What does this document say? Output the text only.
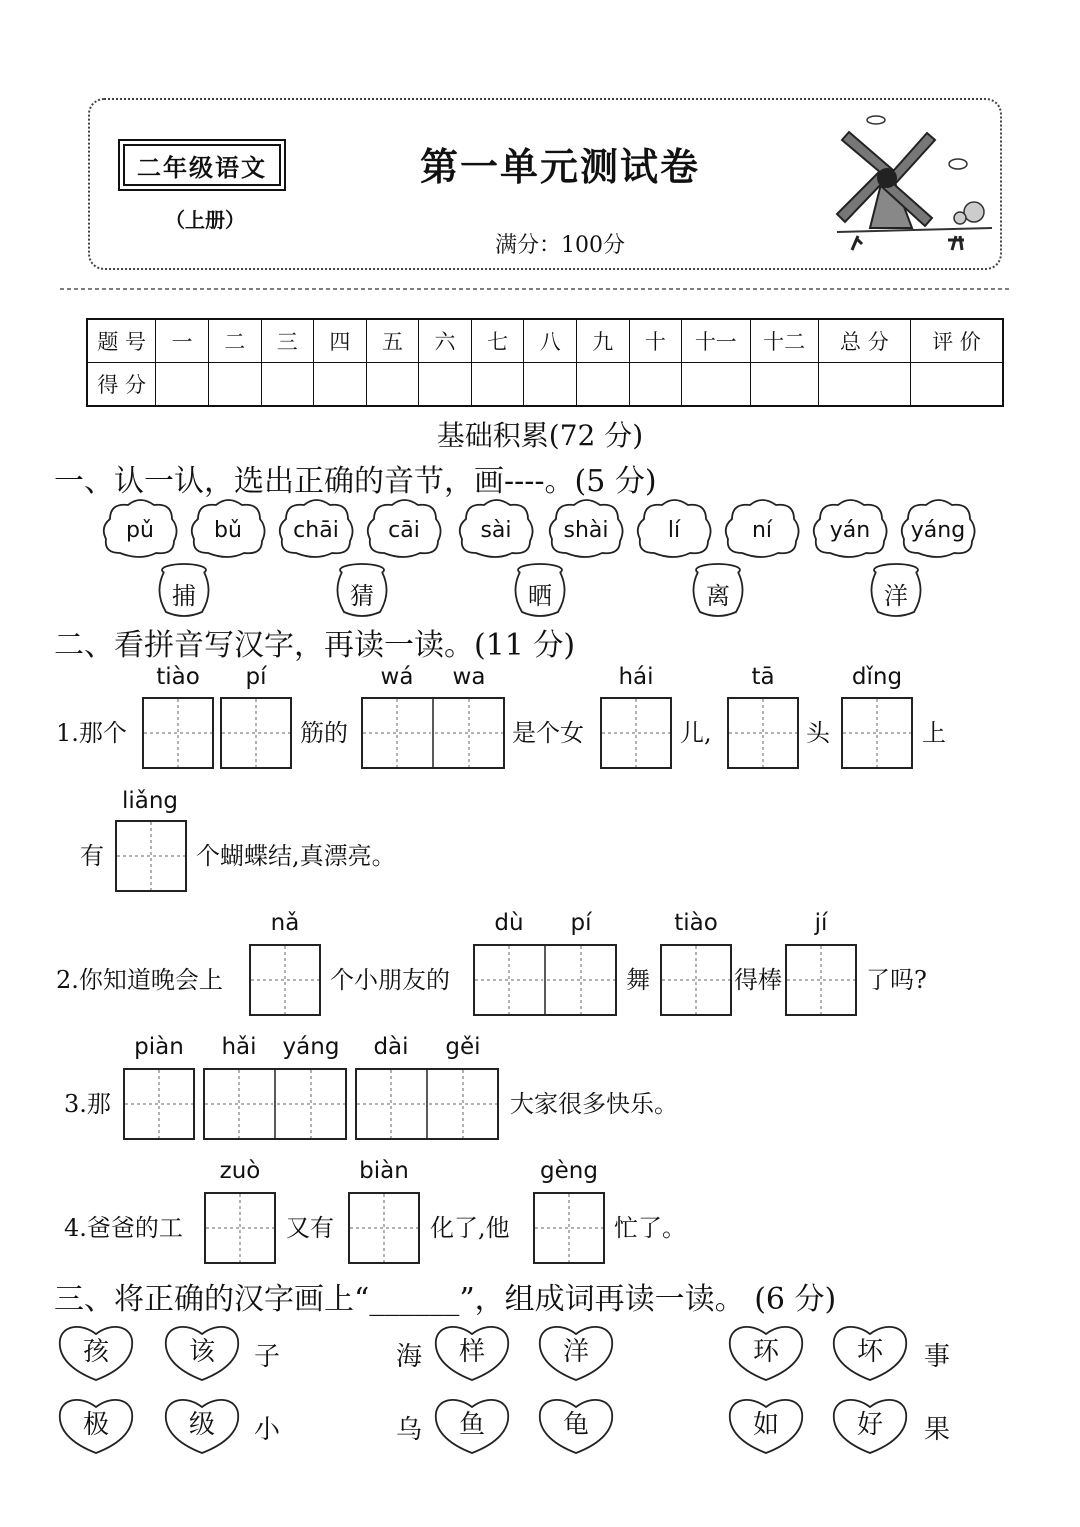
二年级语文
（上册）
第一单元测试卷
满分：100分
题 号	一	二	三	四	五	六	七	八	九	十	十一	十二	总 分	评 价
得 分														
基础积累(72 分)
一、认一认，选出正确的音节，画----。(5 分)
pǔ	bǔ chāi cāi	sài shài	lí	ní	yán yáng
捕	猜	晒	离	洋
二、看拼音写汉字，再读一读。(11 分)
1.那个	筋的	是个女	儿,	头	上
tiào	pí	wá	wa	hái	tā	dǐng
liǎng
有	个蝴蝶结,真漂亮。
2.你知道晚会上	个小朋友的	舞	得棒	了吗?
nǎ	dù	pí	tiào	jí
3.那	大家很多快乐。
piàn	hǎi	yáng	dài	gěi
4.爸爸的工	又有	化了,他	忙了。
zuò	biàn	gèng
三、将正确的汉字画上“______”，组成词再读一读。 (6 分)
孩	该 子	海 样	洋	环	坏 事
极	级 小	乌 鱼	龟	如	好 果
